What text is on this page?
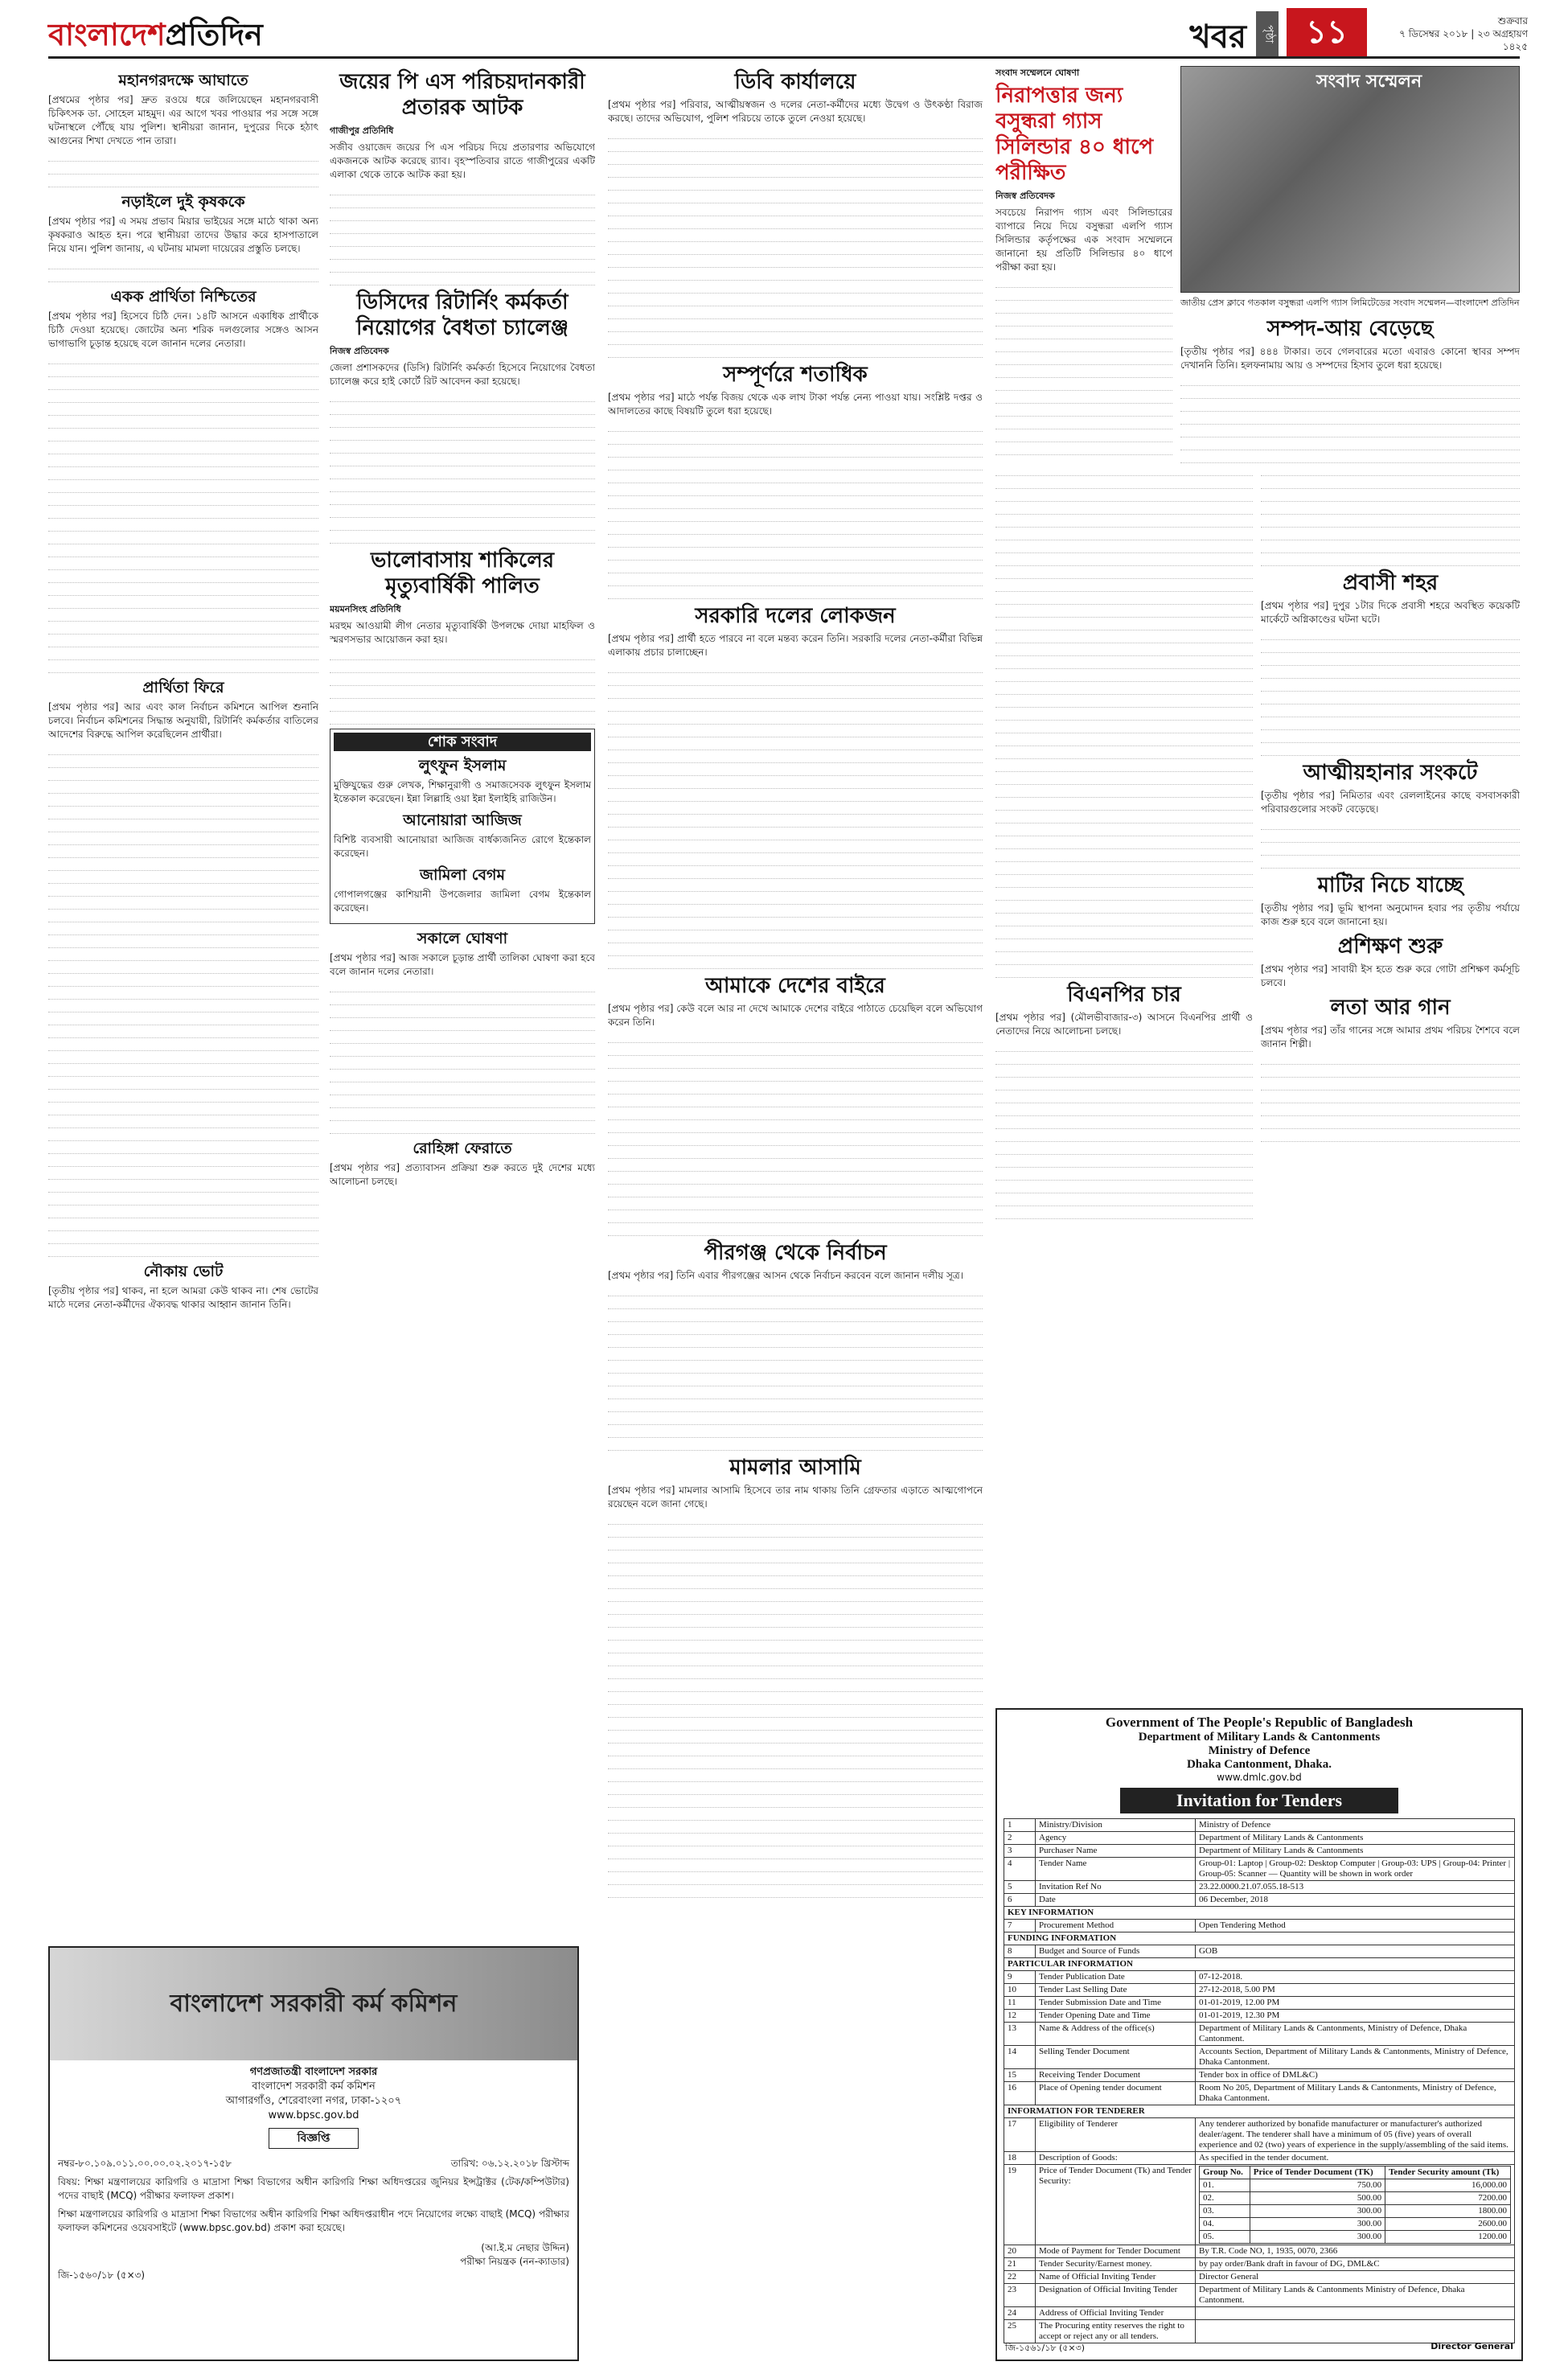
বাংলাদেশপ্রতিদিন	খবর	পৃষ্ঠা ১১	শুক্রবার
৭ ডিসেম্বর ২০১৮ | ২৩ অগ্রহায়ণ ১৪২৫
মহানগরদক্ষে আঘাতে

[প্রথমের পৃষ্ঠার পর] দ্রুত রওয়ে ধরে জলিয়েছেন মহানগরবাসী চিকিৎসক ডা. সোহেল মাহমুদ। এর আগে খবর পাওয়ার পর সঙ্গে সঙ্গে ঘটনাস্থলে পৌঁছে যায় পুলিশ। স্থানীয়রা জানান, দুপুরের দিকে হঠাৎ আগুনের শিখা দেখতে পান তারা।

নড়াইলে দুই কৃষককে

[প্রথম পৃষ্ঠার পর] এ সময় প্রভাব মিয়ার ভাইয়ের সঙ্গে মাঠে থাকা অন্য কৃষকরাও আহত হন। পরে স্থানীয়রা তাদের উদ্ধার করে হাসপাতালে নিয়ে যান। পুলিশ জানায়, এ ঘটনায় মামলা দায়েরের প্রস্তুতি চলছে।

একক প্রার্থিতা নিশ্চিতের

[প্রথম পৃষ্ঠার পর] হিসেবে চিঠি দেন। ১৪টি আসনে একাধিক প্রার্থীকে চিঠি দেওয়া হয়েছে। জোটের অন্য শরিক দলগুলোর সঙ্গেও আসন ভাগাভাগি চূড়ান্ত হয়েছে বলে জানান দলের নেতারা।

প্রার্থিতা ফিরে

[প্রথম পৃষ্ঠার পর] আর এবং কাল নির্বাচন কমিশনে আপিল শুনানি চলবে। নির্বাচন কমিশনের সিদ্ধান্ত অনুযায়ী, রিটার্নিং কর্মকর্তার বাতিলের আদেশের বিরুদ্ধে আপিল করেছিলেন প্রার্থীরা।

নৌকায় ভোট

[তৃতীয় পৃষ্ঠার পর] থাকব, না হলে আমরা কেউ থাকব না। শেষ ভোটের মাঠে দলের নেতা-কর্মীদের ঐক্যবদ্ধ থাকার আহ্বান জানান তিনি।

জয়ের পি এস পরিচয়দানকারী প্রতারক আটক
গাজীপুর প্রতিনিধি

সজীব ওয়াজেদ জয়ের পি এস পরিচয় দিয়ে প্রতারণার অভিযোগে একজনকে আটক করেছে র‍্যাব। বৃহস্পতিবার রাতে গাজীপুরের একটি এলাকা থেকে তাকে আটক করা হয়।

ডিসিদের রিটার্নিং কর্মকর্তা নিয়োগের বৈধতা চ্যালেঞ্জ
নিজস্ব প্রতিবেদক

জেলা প্রশাসকদের (ডিসি) রিটার্নিং কর্মকর্তা হিসেবে নিয়োগের বৈধতা চ্যালেঞ্জ করে হাই কোর্টে রিট আবেদন করা হয়েছে।

ভালোবাসায় শাকিলের মৃত্যুবার্ষিকী পালিত
ময়মনসিংহ প্রতিনিধি

মরহুম আওয়ামী লীগ নেতার মৃত্যুবার্ষিকী উপলক্ষে দোয়া মাহফিল ও স্মরণসভার আয়োজন করা হয়।

শোক সংবাদ
লুৎফুন ইসলাম

মুক্তিযুদ্ধের গুরু লেখক, শিক্ষানুরাগী ও সমাজসেবক লুৎফুন ইসলাম ইন্তেকাল করেছেন। ইন্না লিল্লাহি ওয়া ইন্না ইলাইহি রাজিউন।

আনোয়ারা আজিজ

বিশিষ্ট ব্যবসায়ী আনোয়ারা আজিজ বার্ধক্যজনিত রোগে ইন্তেকাল করেছেন।

জামিলা বেগম

গোপালগঞ্জের কাশিয়ানী উপজেলার জামিলা বেগম ইন্তেকাল করেছেন।

সকালে ঘোষণা

[প্রথম পৃষ্ঠার পর] আজ সকালে চূড়ান্ত প্রার্থী তালিকা ঘোষণা করা হবে বলে জানান দলের নেতারা।

রোহিঙ্গা ফেরাতে

[প্রথম পৃষ্ঠার পর] প্রত্যাবাসন প্রক্রিয়া শুরু করতে দুই দেশের মধ্যে আলোচনা চলছে।

ডিবি কার্যালয়ে

[প্রথম পৃষ্ঠার পর] পরিবার, আত্মীয়স্বজন ও দলের নেতা-কর্মীদের মধ্যে উদ্বেগ ও উৎকণ্ঠা বিরাজ করছে। তাদের অভিযোগ, পুলিশ পরিচয়ে তাকে তুলে নেওয়া হয়েছে।

সম্পূর্ণরে শতাধিক

[প্রথম পৃষ্ঠার পর] মাঠে পৰ্যন্ত বিজয় থেকে এক লাখ টাকা পর্যন্ত নেন্য পাওয়া যায়। সংশ্লিষ্ট দপ্তর ও আদালতের কাছে বিষয়টি তুলে ধরা হয়েছে।

সরকারি দলের লোকজন

[প্রথম পৃষ্ঠার পর] প্রার্থী হতে পারবে না বলে মন্তব্য করেন তিনি। সরকারি দলের নেতা-কর্মীরা বিভিন্ন এলাকায় প্রচার চালাচ্ছেন।

আমাকে দেশের বাইরে

[প্রথম পৃষ্ঠার পর] কেউ বলে আর না দেখে আমাকে দেশের বাইরে পাঠাতে চেয়েছিল বলে অভিযোগ করেন তিনি।

পীরগঞ্জ থেকে নির্বাচন

[প্রথম পৃষ্ঠার পর] তিনি এবার পীরগঞ্জের আসন থেকে নির্বাচন করবেন বলে জানান দলীয় সূত্র।

মামলার আসামি

[প্রথম পৃষ্ঠার পর] মামলার আসামি হিসেবে তার নাম থাকায় তিনি গ্রেফতার এড়াতে আত্মগোপনে রয়েছেন বলে জানা গেছে।

সংবাদ সম্মেলনে ঘোষণা
নিরাপত্তার জন্য বসুন্ধরা গ্যাস সিলিন্ডার ৪০ ধাপে পরীক্ষিত
নিজস্ব প্রতিবেদক

সবচেয়ে নিরাপদ গ্যাস এবং সিলিন্ডারের ব্যাপারে নিয়ে দিয়ে বসুন্ধরা এলপি গ্যাস সিলিন্ডার কর্তৃপক্ষের এক সংবাদ সম্মেলনে জানানো হয় প্রতিটি সিলিন্ডার ৪০ ধাপে পরীক্ষা করা হয়।

সংবাদ সম্মেলন
জাতীয় প্রেস ক্লাবে গতকাল বসুন্ধরা এলপি গ্যাস লিমিটেডের সংবাদ সম্মেলন—বাংলাদেশ প্রতিদিন
সম্পদ-আয় বেড়েছে

[তৃতীয় পৃষ্ঠার পর] ৪৪৪ টাকার। তবে গেলবারের মতো এবারও কোনো স্থাবর সম্পদ দেখাননি তিনি। হলফনামায় আয় ও সম্পদের হিসাব তুলে ধরা হয়েছে।

বিএনপির চার

[প্রথম পৃষ্ঠার পর] (মৌলভীবাজার-৩) আসনে বিএনপির প্রার্থী ও নেতাদের নিয়ে আলোচনা চলছে।

প্রবাসী শহর

[প্রথম পৃষ্ঠার পর] দুপুর ১টার দিকে প্রবাসী শহরে অবস্থিত কয়েকটি মার্কেটে অগ্নিকাণ্ডের ঘটনা ঘটে।

আত্মীয়হানার সংকটে

[তৃতীয় পৃষ্ঠার পর] নিমিতার এবং রেললাইনের কাছে বসবাসকারী পরিবারগুলোর সংকট বেড়েছে।

মাটির নিচে যাচ্ছে

[তৃতীয় পৃষ্ঠার পর] ভূমি স্থাপনা অনুমোদন হবার পর তৃতীয় পর্যায়ে কাজ শুরু হবে বলে জানানো হয়।

প্রশিক্ষণ শুরু

[প্রথম পৃষ্ঠার পর] সাবায়ী ইস হতে শুরু করে গোটা প্রশিক্ষণ কর্মসূচি চলবে।

লতা আর গান

[প্রথম পৃষ্ঠার পর] তাঁর গানের সঙ্গে আমার প্রথম পরিচয় শৈশবে বলে জানান শিল্পী।

Government of The People's Republic of Bangladesh
Department of Military Lands & Cantonments
Ministry of Defence
Dhaka Cantonment, Dhaka.
www.dmlc.gov.bd
Invitation for Tenders
1	Ministry/Division	Ministry of Defence
2	Agency	Department of Military Lands & Cantonments
3	Purchaser Name	Department of Military Lands & Cantonments
4	Tender Name	Group-01: Laptop | Group-02: Desktop Computer | Group-03: UPS | Group-04: Printer | Group-05: Scanner — Quantity will be shown in work order
5	Invitation Ref No	23.22.0000.21.07.055.18-513
6	Date	06 December, 2018
KEY INFORMATION
7	Procurement Method	Open Tendering Method
FUNDING INFORMATION
8	Budget and Source of Funds	GOB
PARTICULAR INFORMATION
9	Tender Publication Date	07-12-2018.
10	Tender Last Selling Date	27-12-2018, 5.00 PM
11	Tender Submission Date and Time	01-01-2019, 12.00 PM
12	Tender Opening Date and Time	01-01-2019, 12.30 PM
13	Name & Address of the office(s)	Department of Military Lands & Cantonments, Ministry of Defence, Dhaka Cantonment.
14	Selling Tender Document	Accounts Section, Department of Military Lands & Cantonments, Ministry of Defence, Dhaka Cantonment.
15	Receiving Tender Document	Tender box in office of DML&C)
16	Place of Opening tender document	Room No 205, Department of Military Lands & Cantonments, Ministry of Defence, Dhaka Cantonment.
INFORMATION FOR TENDERER
17	Eligibility of Tenderer	Any tenderer authorized by bonafide manufacturer or manufacturer's authorized dealer/agent. The tenderer shall have a minimum of 05 (five) years of overall experience and 02 (two) years of experience in the supply/assembling of the said items.
18	Description of Goods:	As specified in the tender document.
19	Price of Tender Document (Tk) and Tender Security:	
Group No.	Price of Tender Document (TK)	Tender Security amount (Tk)
01.	750.00	16,000.00
02.	500.00	7200.00
03.	300.00	1800.00
04.	300.00	2600.00
05.	300.00	1200.00

20	Mode of Payment for Tender Document	By T.R. Code NO, 1, 1935, 0070, 2366
21	Tender Security/Earnest money.	by pay order/Bank draft in favour of DG, DML&C
22	Name of Official Inviting Tender	Director General
23	Designation of Official Inviting Tender	Department of Military Lands & Cantonments Ministry of Defence, Dhaka Cantonment.
24	Address of Official Inviting Tender	
25	The Procuring entity reserves the right to accept or reject any or all tenders.	
জি-১৫৬১/১৮ (৫×৩)	Director General
বাংলাদেশ সরকারী কর্ম কমিশন
গণপ্রজাতন্ত্রী বাংলাদেশ সরকার
বাংলাদেশ সরকারী কর্ম কমিশন
আগারগাঁও, শেরেবাংলা নগর, ঢাকা-১২০৭
www.bpsc.gov.bd
বিজ্ঞপ্তি
নম্বর-৮০.১০৯.০১১.০০.০০.০২.২০১৭-১৫৮	তারিখ: ০৬.১২.২০১৮ খ্রিস্টাব্দ

বিষয়: শিক্ষা মন্ত্রণালয়ের কারিগরি ও মাদ্রাসা শিক্ষা বিভাগের অধীন কারিগরি শিক্ষা অধিদপ্তরের জুনিয়র ইন্সট্রাক্টর (টেক/কম্পিউটার) পদের বাছাই (MCQ) পরীক্ষার ফলাফল প্রকাশ।

শিক্ষা মন্ত্রণালয়ের কারিগরি ও মাদ্রাসা শিক্ষা বিভাগের অধীন কারিগরি শিক্ষা অধিদপ্তরাধীন পদে নিয়োগের লক্ষ্যে বাছাই (MCQ) পরীক্ষার ফলাফল কমিশনের ওয়েবসাইটে (www.bpsc.gov.bd) প্রকাশ করা হয়েছে।

(আ.ই.ম নেছার উদ্দিন)
পরীক্ষা নিয়ন্ত্রক (নন-ক্যাডার)
জি-১৫৬০/১৮ (৫×৩)
